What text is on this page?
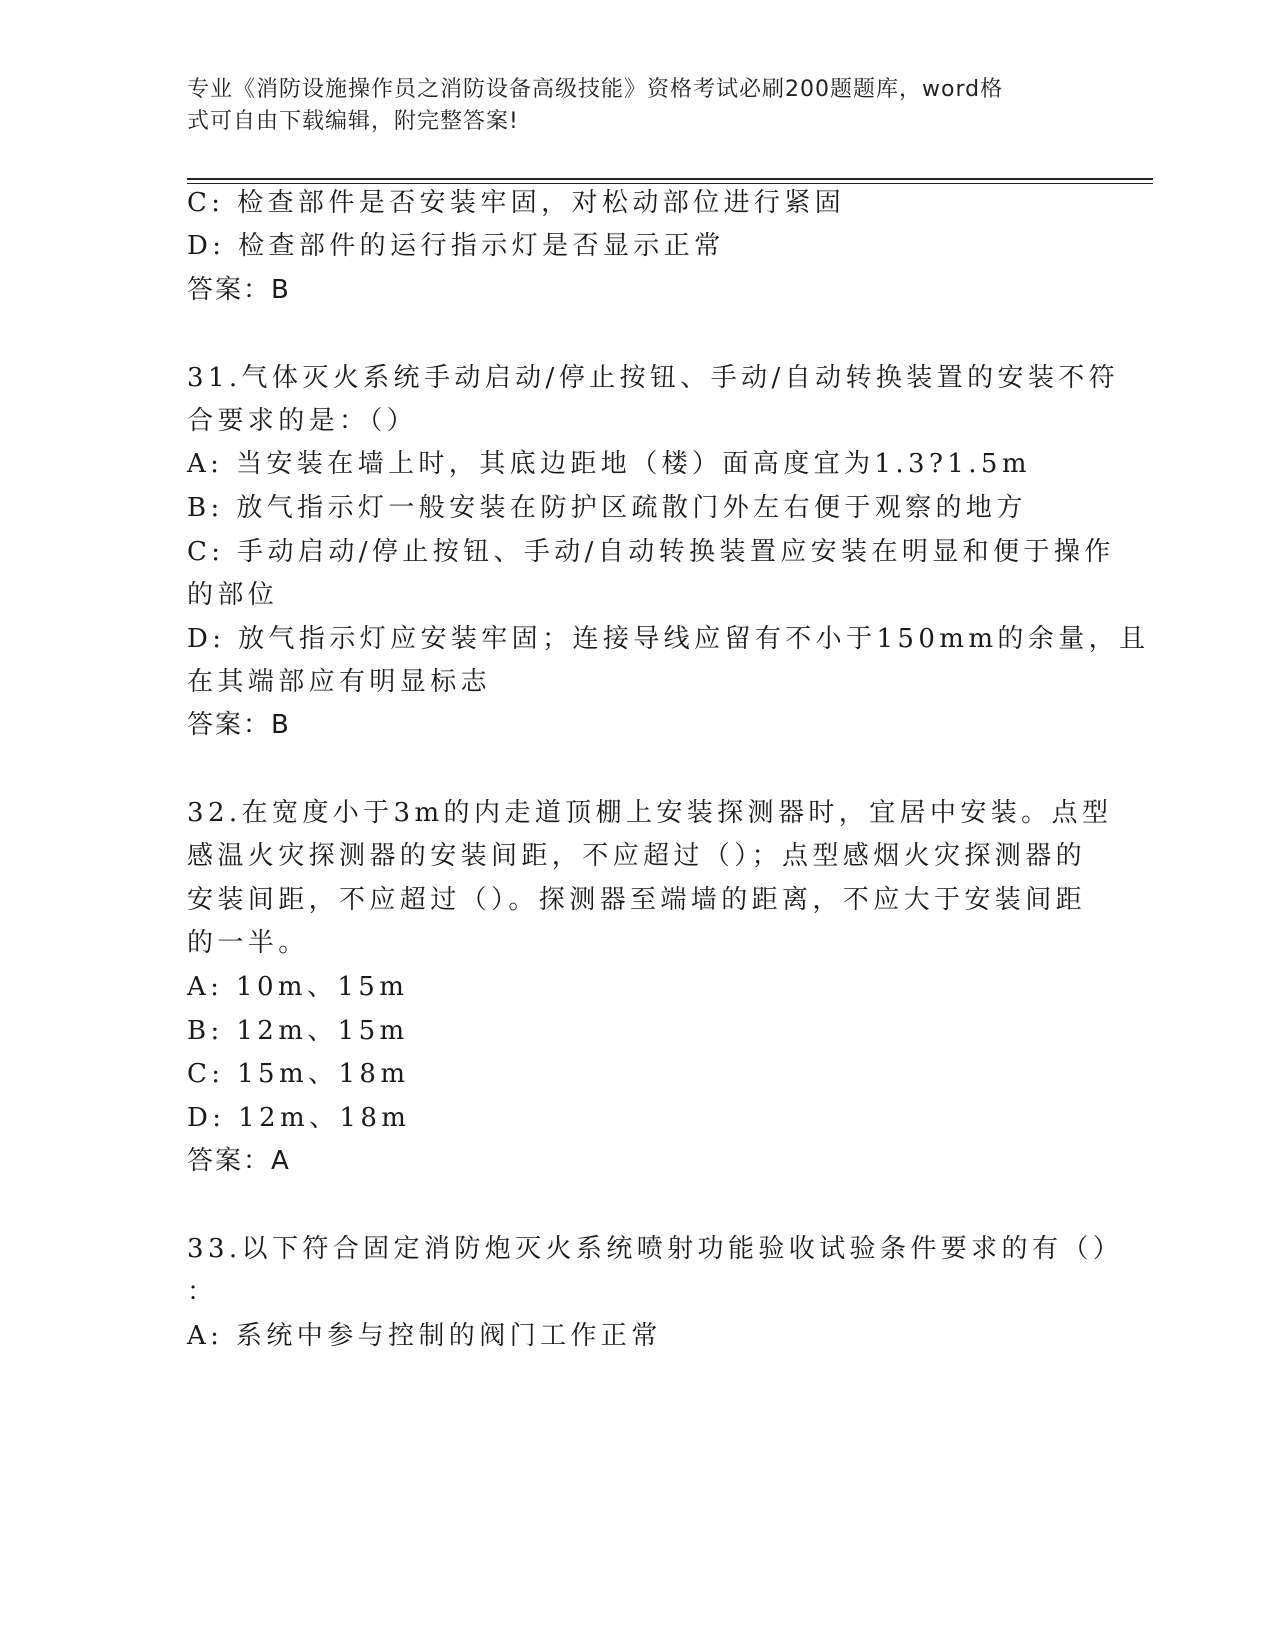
专业《消防设施操作员之消防设备高级技能》资格考试必刷200题题库，word格
式可自由下载编辑，附完整答案!
C: 检查部件是否安装牢固，对松动部位进行紧固
D: 检查部件的运行指示灯是否显示正常
答案：B
31.气体灭火系统手动启动/停止按钮、手动/自动转换装置的安装不符
合要求的是：（）
A: 当安装在墙上时，其底边距地（楼）面高度宜为1.3?1.5m
B: 放气指示灯一般安装在防护区疏散门外左右便于观察的地方
C: 手动启动/停止按钮、手动/自动转换装置应安装在明显和便于操作
的部位
D: 放气指示灯应安装牢固；连接导线应留有不小于150mm的余量，且
在其端部应有明显标志
答案：B
32.在宽度小于3m的内走道顶棚上安装探测器时，宜居中安装。点型
感温火灾探测器的安装间距，不应超过（）；点型感烟火灾探测器的
安装间距，不应超过（）。探测器至端墙的距离，不应大于安装间距
的一半。
A: 10m、15m
B: 12m、15m
C: 15m、18m
D: 12m、18m
答案：A
33.以下符合固定消防炮灭火系统喷射功能验收试验条件要求的有（）
：
A: 系统中参与控制的阀门工作正常
